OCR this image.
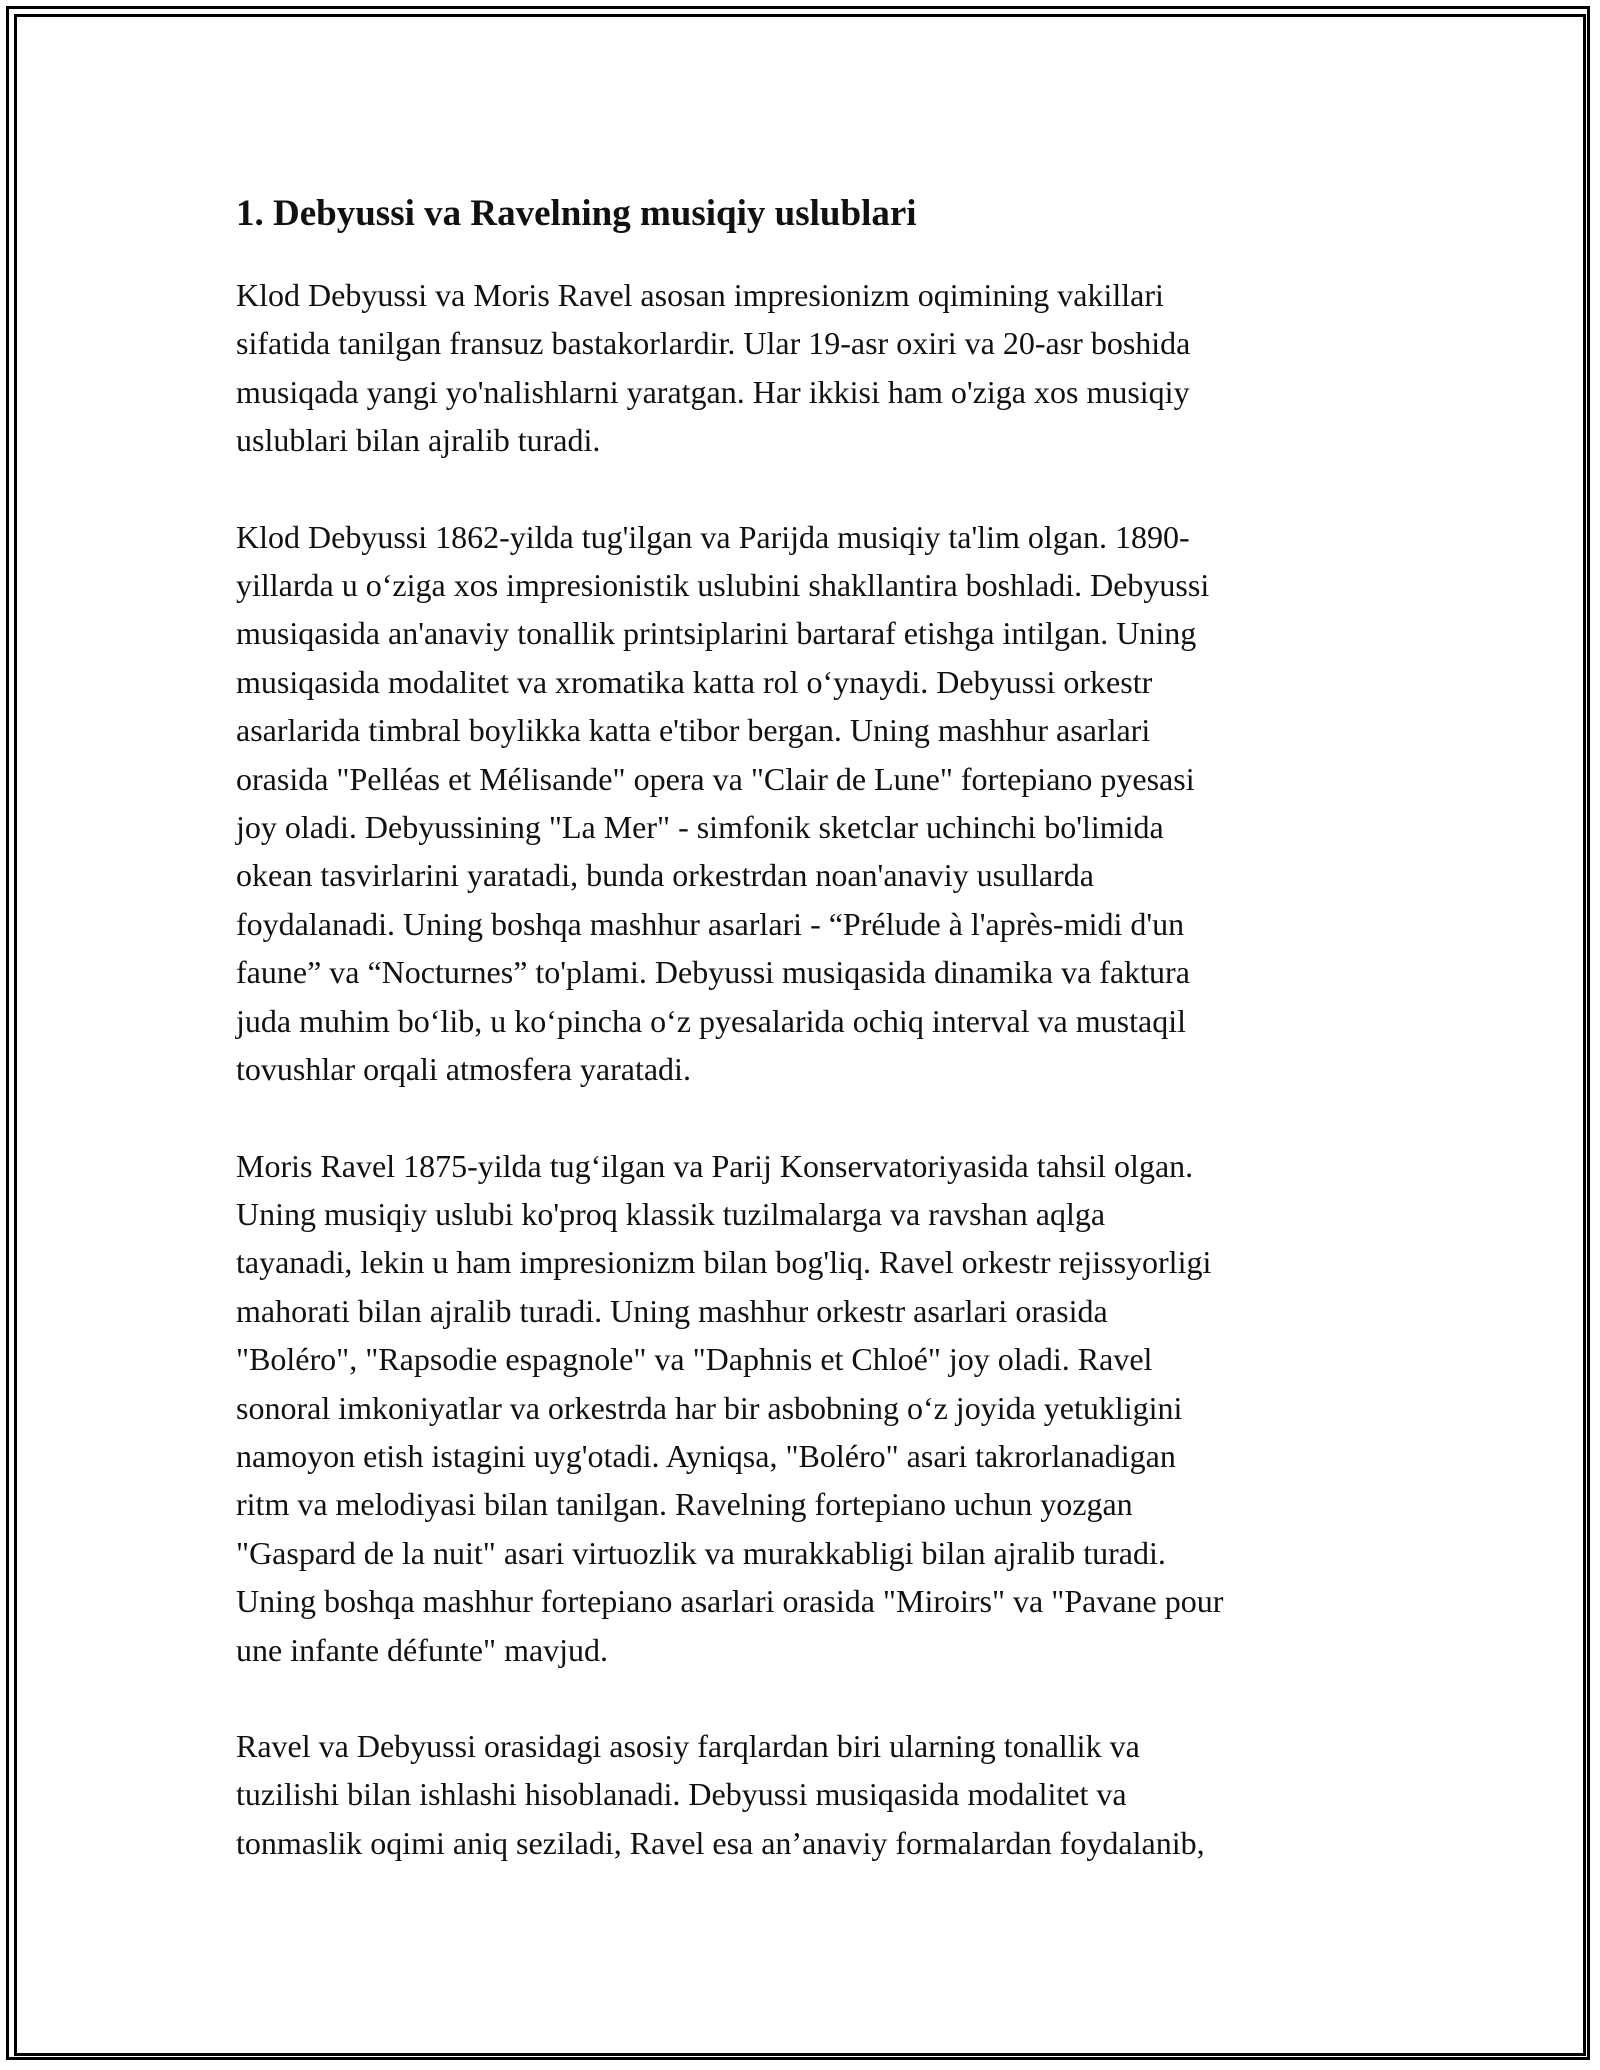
1. Debyussi va Ravelning musiqiy uslublari

Klod Debyussi va Moris Ravel asosan impresionizm oqimining vakillari
sifatida tanilgan fransuz bastakorlardir. Ular 19-asr oxiri va 20-asr boshida
musiqada yangi yo'nalishlarni yaratgan. Har ikkisi ham o'ziga xos musiqiy
uslublari bilan ajralib turadi.

Klod Debyussi 1862-yilda tug'ilgan va Parijda musiqiy ta'lim olgan. 1890-
yillarda u o‘ziga xos impresionistik uslubini shakllantira boshladi. Debyussi
musiqasida an'anaviy tonallik printsiplarini bartaraf etishga intilgan. Uning
musiqasida modalitet va xromatika katta rol o‘ynaydi. Debyussi orkestr
asarlarida timbral boylikka katta e'tibor bergan. Uning mashhur asarlari
orasida "Pelléas et Mélisande" opera va "Clair de Lune" fortepiano pyesasi
joy oladi. Debyussining "La Mer" - simfonik sketclar uchinchi bo'limida
okean tasvirlarini yaratadi, bunda orkestrdan noan'anaviy usullarda
foydalanadi. Uning boshqa mashhur asarlari - “Prélude à l'après-midi d'un
faune” va “Nocturnes” to'plami. Debyussi musiqasida dinamika va faktura
juda muhim bo‘lib, u ko‘pincha o‘z pyesalarida ochiq interval va mustaqil
tovushlar orqali atmosfera yaratadi.

Moris Ravel 1875-yilda tug‘ilgan va Parij Konservatoriyasida tahsil olgan.
Uning musiqiy uslubi ko'proq klassik tuzilmalarga va ravshan aqlga
tayanadi, lekin u ham impresionizm bilan bog'liq. Ravel orkestr rejissyorligi
mahorati bilan ajralib turadi. Uning mashhur orkestr asarlari orasida
"Boléro", "Rapsodie espagnole" va "Daphnis et Chloé" joy oladi. Ravel
sonoral imkoniyatlar va orkestrda har bir asbobning o‘z joyida yetukligini
namoyon etish istagini uyg'otadi. Ayniqsa, "Boléro" asari takrorlanadigan
ritm va melodiyasi bilan tanilgan. Ravelning fortepiano uchun yozgan
"Gaspard de la nuit" asari virtuozlik va murakkabligi bilan ajralib turadi.
Uning boshqa mashhur fortepiano asarlari orasida "Miroirs" va "Pavane pour
une infante défunte" mavjud.

Ravel va Debyussi orasidagi asosiy farqlardan biri ularning tonallik va
tuzilishi bilan ishlashi hisoblanadi. Debyussi musiqasida modalitet va
tonmaslik oqimi aniq seziladi, Ravel esa an’anaviy formalardan foydalanib,
